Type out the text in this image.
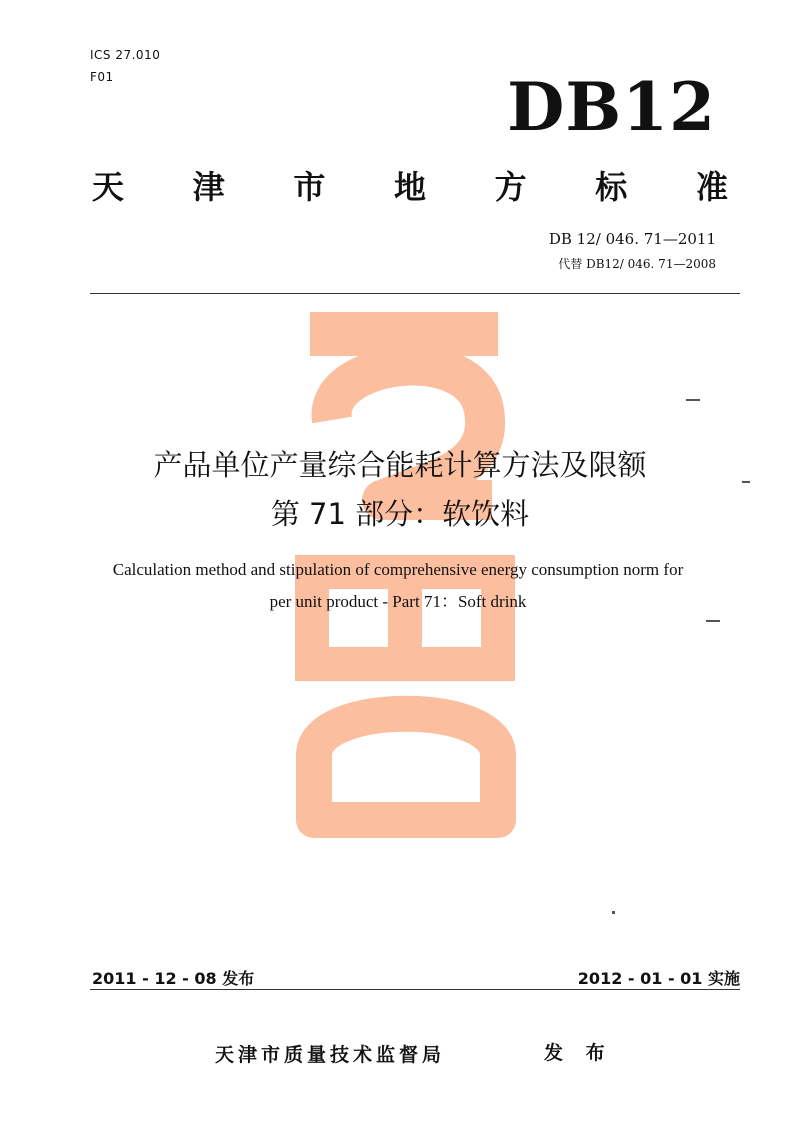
ICS 27.010
F01	DB12
天 津 市 地 方 标 准
DB 12/ 046. 71—2011
代替 DB12/ 046. 71—2008
产品单位产量综合能耗计算方法及限额
第 71 部分：软饮料
Calculation method and stipulation of comprehensive energy consumption norm for
per unit product - Part 71：Soft drink
2011 - 12 - 08 发布	2012 - 01 - 01 实施
天津市质量技术监督局	发 布
